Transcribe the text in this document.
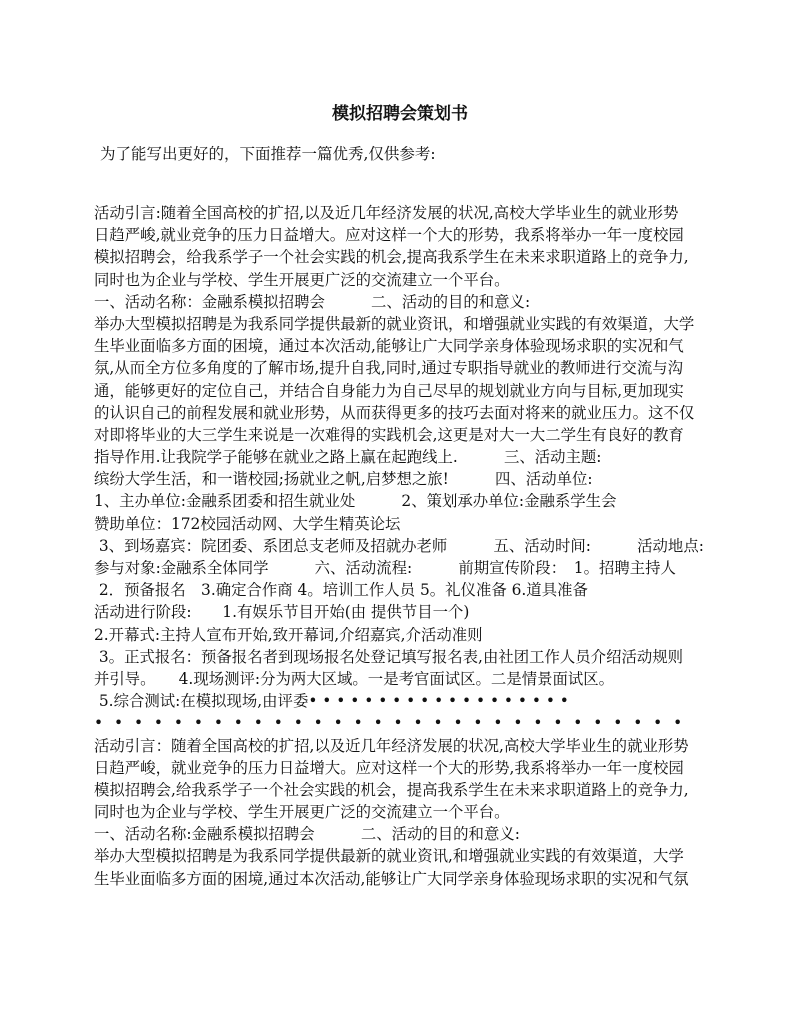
模拟招聘会策划书
为了能写出更好的，下面推荐一篇优秀,仅供参考:
活动引言:随着全国高校的扩招,以及近几年经济发展的状况,高校大学毕业生的就业形势
日趋严峻,就业竞争的压力日益增大。应对这样一个大的形势，我系将举办一年一度校园
模拟招聘会，给我系学子一个社会实践的机会,提高我系学生在未来求职道路上的竞争力,
同时也为企业与学校、学生开展更广泛的交流建立一个平台。
一、活动名称：金融系模拟招聘会　　　二、活动的目的和意义:
举办大型模拟招聘是为我系同学提供最新的就业资讯，和增强就业实践的有效渠道，大学
生毕业面临多方面的困境，通过本次活动,能够让广大同学亲身体验现场求职的实况和气
氛,从而全方位多角度的了解市场,提升自我,同时,通过专职指导就业的教师进行交流与沟
通，能够更好的定位自己，并结合自身能力为自己尽早的规划就业方向与目标,更加现实
的认识自己的前程发展和就业形势，从而获得更多的技巧去面对将来的就业压力。这不仅
对即将毕业的大三学生来说是一次难得的实践机会,这更是对大一大二学生有良好的教育
指导作用.让我院学子能够在就业之路上赢在起跑线上.　　　三、活动主题:
缤纷大学生活，和一谐校园;扬就业之帆,启梦想之旅!　　　四、活动单位:
1、主办单位:金融系团委和招生就业处　　　2、策划承办单位:金融系学生会
赞助单位：172校园活动网、大学生精英论坛
3、到场嘉宾：院团委、系团总支老师及招就办老师　　　五、活动时间:　　　活动地点:
参与对象:金融系全体同学　　　六、活动流程:　　　前期宣传阶段：　1。招聘主持人
2．预备报名　3.确定合作商 4。培训工作人员 5。礼仪准备 6.道具准备
活动进行阶段:　　1.有娱乐节目开始(由 提供节目一个)
2.开幕式:主持人宣布开始,致开幕词,介绍嘉宾,介活动准则
3。正式报名：预备报名者到现场报名处登记填写报名表,由社团工作人员介绍活动规则
并引导。　　4.现场测评:分为两大区域。一是考官面试区。二是情景面试区。
5.综合测试:在模拟现场,由评委• • • • • • • • • • • • • • • • • • •
• • • • • • • • • • • • • • • • • • • • • • • • • • • • • •
活动引言：随着全国高校的扩招,以及近几年经济发展的状况,高校大学毕业生的就业形势
日趋严峻，就业竞争的压力日益增大。应对这样一个大的形势,我系将举办一年一度校园
模拟招聘会,给我系学子一个社会实践的机会，提高我系学生在未来求职道路上的竞争力,
同时也为企业与学校、学生开展更广泛的交流建立一个平台。
一、活动名称:金融系模拟招聘会　　　二、活动的目的和意义:
举办大型模拟招聘是为我系同学提供最新的就业资讯,和增强就业实践的有效渠道，大学
生毕业面临多方面的困境,通过本次活动,能够让广大同学亲身体验现场求职的实况和气氛
